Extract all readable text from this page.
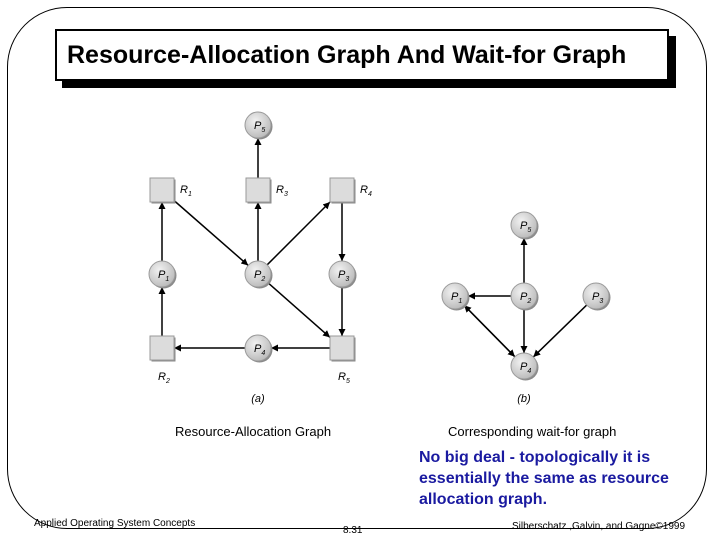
Resource-Allocation Graph And Wait-for Graph
$R_1$	$R_3$	$R_4$
$R_2$	$R_5$
$P_5$
$P_1$	$P_2$	$P_3$
$P_4$
$P_5$
$P_1$	$P_2$	$P_3$
$P_4$
(a)	(b)
Resource-Allocation Graph	Corresponding wait-for graph
No big deal - topologically it is essentially the same as resource allocation graph.
Applied Operating System Concepts
8.31	Silberschatz ,Galvin, and Gagne©1999
